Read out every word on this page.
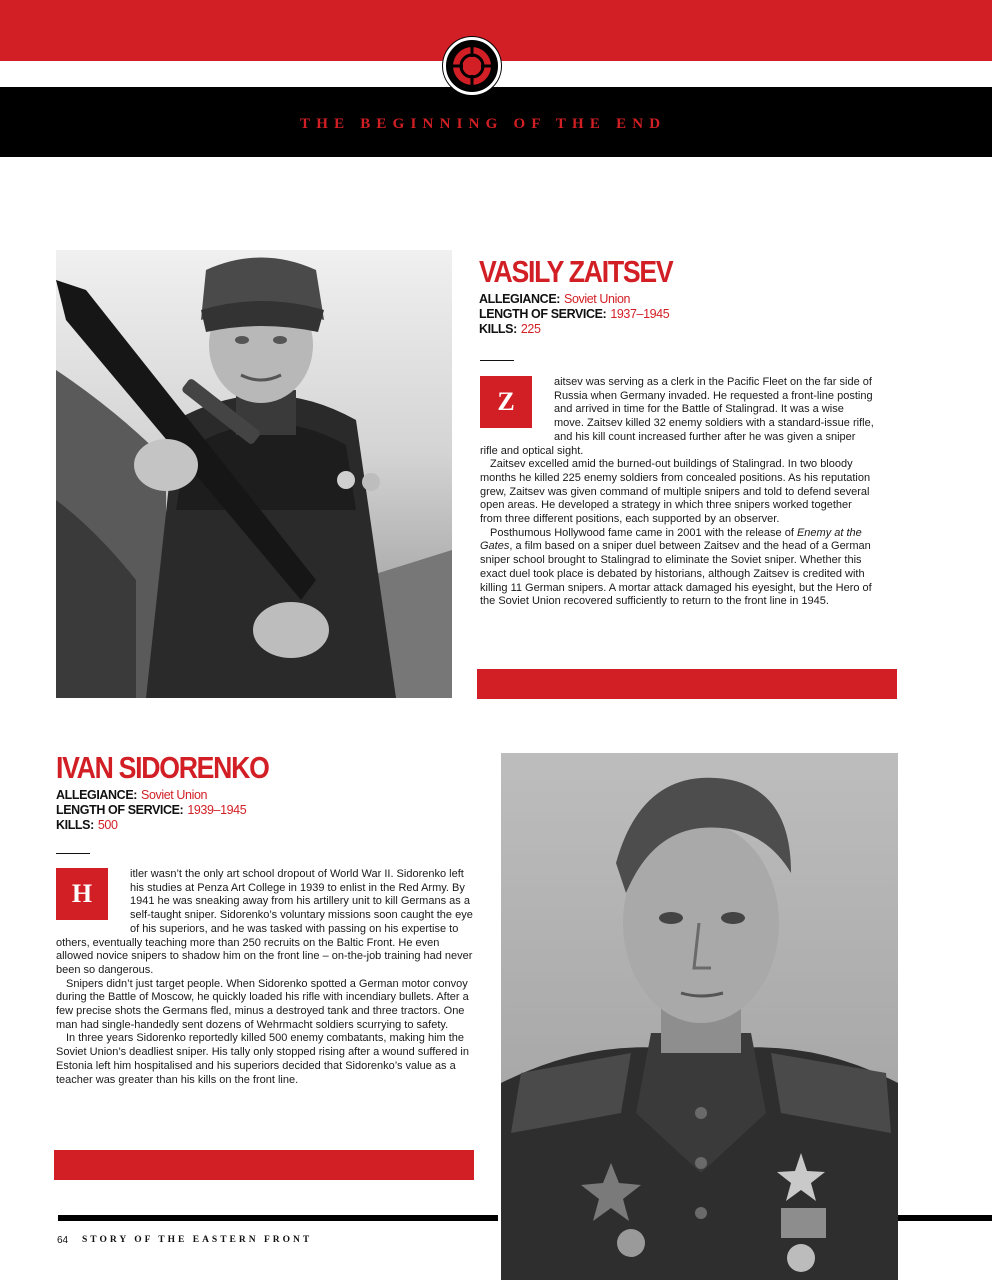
THE BEGINNING OF THE END
VASILY ZAITSEV
ALLEGIANCE: Soviet Union
LENGTH OF SERVICE: 1937–1945
KILLS: 225
Z

aitsev was serving as a clerk in the Pacific Fleet on the far side of Russia when Germany invaded. He requested a front-line posting and arrived in time for the Battle of Stalingrad. It was a wise move. Zaitsev killed 32 enemy soldiers with a standard-issue rifle, and his kill count increased further after he was given a sniper rifle and optical sight.

Zaitsev excelled amid the burned-out buildings of Stalingrad. In two bloody months he killed 225 enemy soldiers from concealed positions. As his reputation grew, Zaitsev was given command of multiple snipers and told to defend several open areas. He developed a strategy in which three snipers worked together from three different positions, each supported by an observer.

Posthumous Hollywood fame came in 2001 with the release of Enemy at the Gates, a film based on a sniper duel between Zaitsev and the head of a German sniper school brought to Stalingrad to eliminate the Soviet sniper. Whether this exact duel took place is debated by historians, although Zaitsev is credited with killing 11 German snipers. A mortar attack damaged his eyesight, but the Hero of the Soviet Union recovered sufficiently to return to the front line in 1945.

IVAN SIDORENKO
ALLEGIANCE: Soviet Union
LENGTH OF SERVICE: 1939–1945
KILLS: 500
H

itler wasn’t the only art school dropout of World War II. Sidorenko left his studies at Penza Art College in 1939 to enlist in the Red Army. By 1941 he was sneaking away from his artillery unit to kill Germans as a self-taught sniper. Sidorenko’s voluntary missions soon caught the eye of his superiors, and he was tasked with passing on his expertise to others, eventually teaching more than 250 recruits on the Baltic Front. He even allowed novice snipers to shadow him on the front line – on-the-job training had never been so dangerous.

Snipers didn’t just target people. When Sidorenko spotted a German motor convoy during the Battle of Moscow, he quickly loaded his rifle with incendiary bullets. After a few precise shots the Germans fled, minus a destroyed tank and three tractors. One man had single-handedly sent dozens of Wehrmacht soldiers scurrying to safety.

In three years Sidorenko reportedly killed 500 enemy combatants, making him the Soviet Union’s deadliest sniper. His tally only stopped rising after a wound suffered in Estonia left him hospitalised and his superiors decided that Sidorenko’s value as a teacher was greater than his kills on the front line.

64 STORY OF THE EASTERN FRONT
